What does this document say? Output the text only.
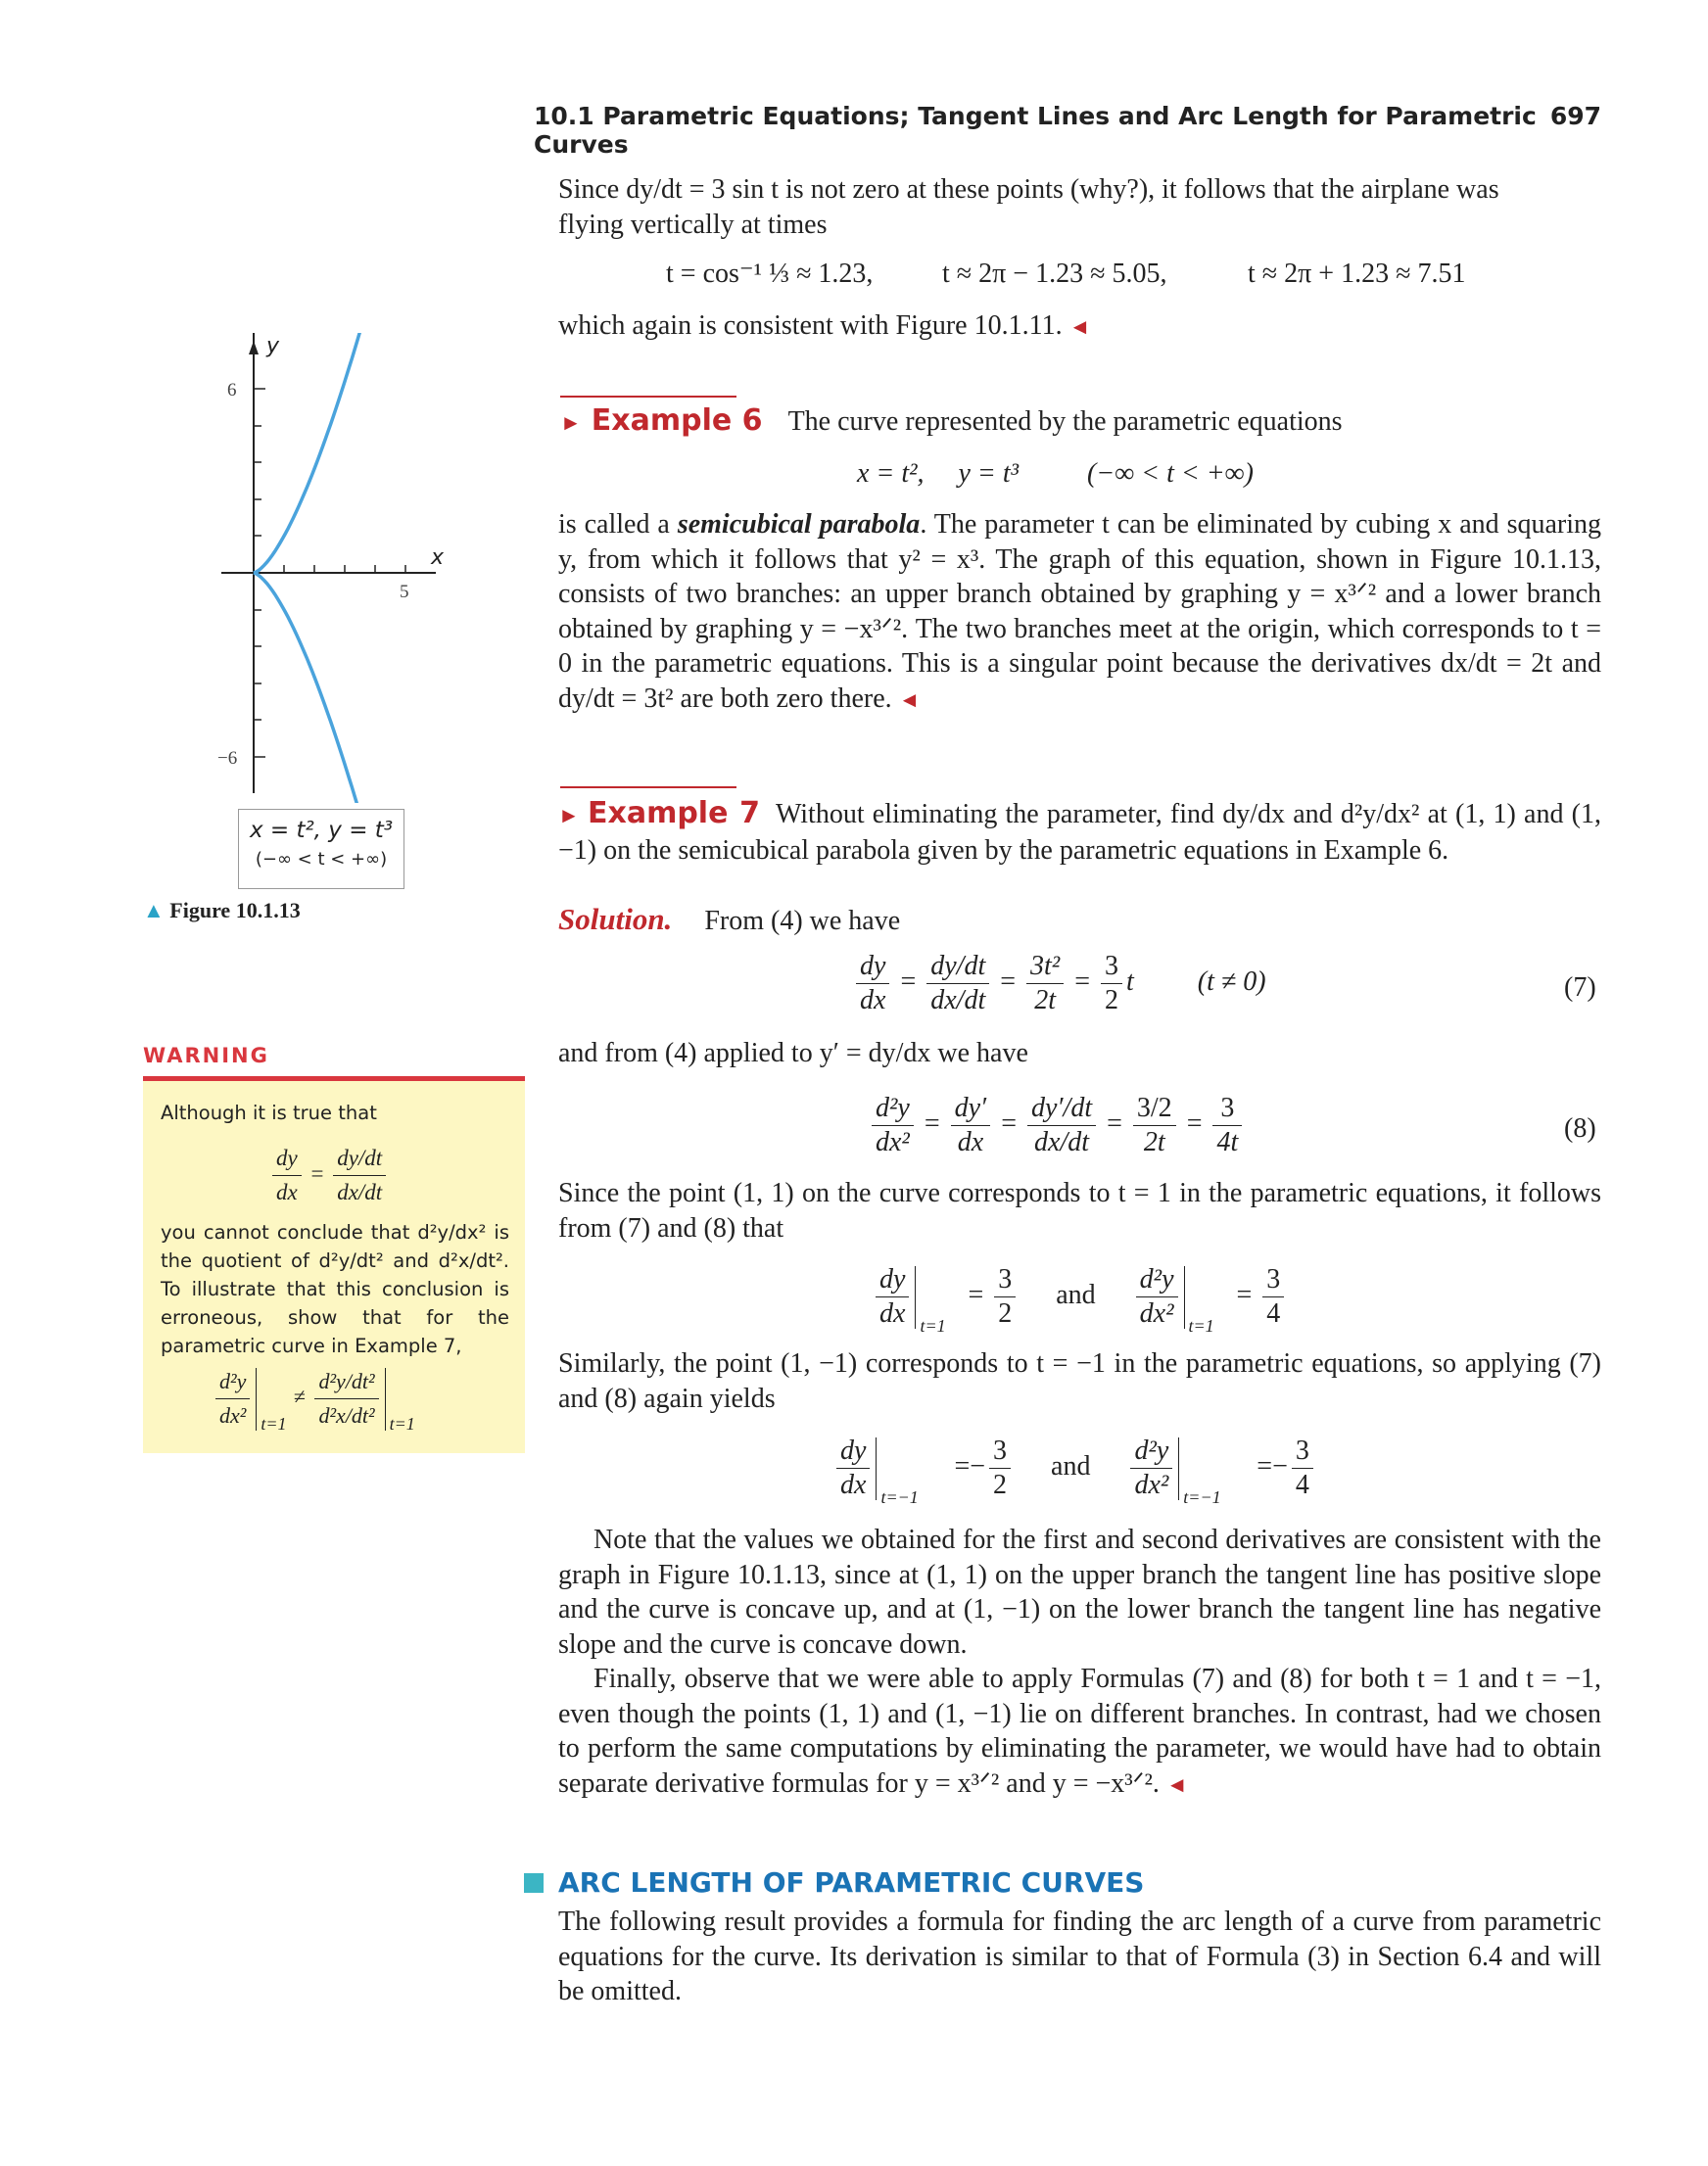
10.1 Parametric Equations; Tangent Lines and Arc Length for Parametric Curves
697
Since dy/dt = 3 sin t is not zero at these points (why?), it follows that the airplane was
flying vertically at times
t = cos⁻¹ ⅓ ≈ 1.23,	t ≈ 2π − 1.23 ≈ 5.05,	t ≈ 2π + 1.23 ≈ 7.51
which again is consistent with Figure 10.1.11. ◄
► Example 6 The curve represented by the parametric equations
x = t²,     y = t³          (−∞ < t < +∞)
is called a semicubical parabola. The parameter t can be eliminated by cubing x and squaring y, from which it follows that y² = x³. The graph of this equation, shown in Figure 10.1.13, consists of two branches: an upper branch obtained by graphing y = x³ᐟ² and a lower branch obtained by graphing y = −x³ᐟ². The two branches meet at the origin, which corresponds to t = 0 in the parametric equations. This is a singular point because the derivatives dx/dt = 2t and dy/dt = 3t² are both zero there. ◄
y
x
6
−6
5
x = t², y = t³
(−∞ < t < +∞)
▲ Figure 10.1.13
WARNING
Although it is true that
$\frac{dy}{dx} = \frac{dy/dt}{dx/dt}$
you cannot conclude that d²y/dx² is the quotient of d²y/dt² and d²x/dt². To illustrate that this conclusion is erroneous, show that for the parametric curve in Example 7,
$\frac{\text{d²y}}{\text{dx²}} t=1$
≠ $\frac{\text{d²y/dt²}}{\text{d²x/dt²}} t=1$
► Example 7 Without eliminating the parameter, find dy/dx and d²y/dx² at (1, 1) and (1, −1) on the semicubical parabola given by the parametric equations in Example 6.
Solution. From (4) we have
$\frac{dy}{dx} = \frac{dy/dt}{dx/dt} = \frac{\text{3t²}}{2t} = \frac{3}{2}$ t (t ≠ 0)	(7)
and from (4) applied to y′ = dy/dx we have
$\frac{\text{d²y}}{\text{dx²}} = \frac{dy'}{dx} = \frac{dy'/dt}{dx/dt} = \frac{3/2}{2t} = \frac{3}{4t}$	(8)
Since the point (1, 1) on the curve corresponds to t = 1 in the parametric equations, it follows from (7) and (8) that
$\frac{dy}{dx} t=1$
= $\frac{3}{2}$ and $\frac{\text{d²y}}{\text{dx²}} t=1$
= $\frac{3}{4}$
Similarly, the point (1, −1) corresponds to t = −1 in the parametric equations, so applying (7) and (8) again yields
$\frac{dy}{dx} t=-1$
=− $\frac{3}{2}$ and $\frac{\text{d²y}}{\text{dx²}} t=-1$
=− $\frac{3}{4}$
Note that the values we obtained for the first and second derivatives are consistent with the graph in Figure 10.1.13, since at (1, 1) on the upper branch the tangent line has positive slope and the curve is concave up, and at (1, −1) on the lower branch the tangent line has negative slope and the curve is concave down.
Finally, observe that we were able to apply Formulas (7) and (8) for both t = 1 and t = −1, even though the points (1, 1) and (1, −1) lie on different branches. In contrast, had we chosen to perform the same computations by eliminating the parameter, we would have had to obtain separate derivative formulas for y = x³ᐟ² and y = −x³ᐟ². ◄
ARC LENGTH OF PARAMETRIC CURVES
The following result provides a formula for finding the arc length of a curve from parametric equations for the curve. Its derivation is similar to that of Formula (3) in Section 6.4 and will be omitted.
